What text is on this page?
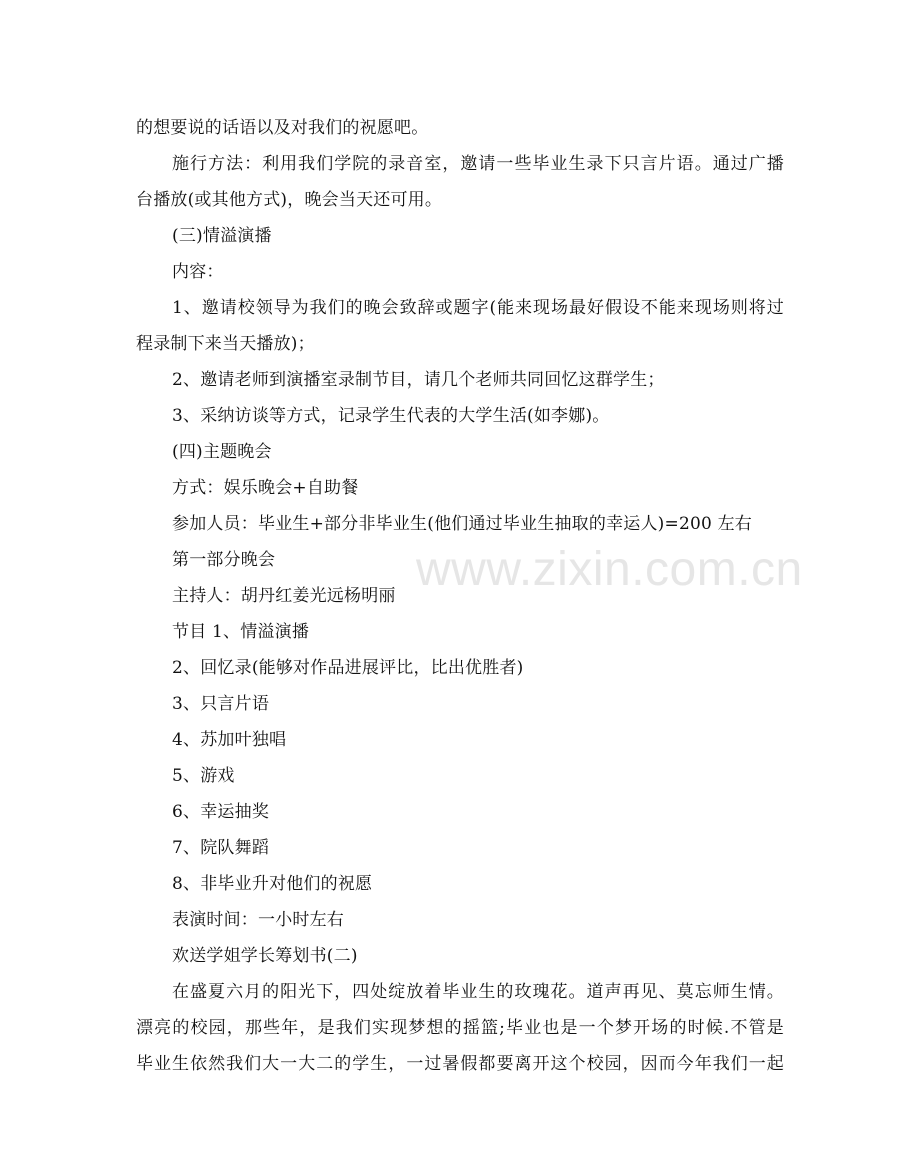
的想要说的话语以及对我们的祝愿吧。
施行方法：利用我们学院的录音室，邀请一些毕业生录下只言片语。通过广播
台播放(或其他方式)，晚会当天还可用。
(三)情溢演播
内容：
1、邀请校领导为我们的晚会致辞或题字(能来现场最好假设不能来现场则将过
程录制下来当天播放)；
2、邀请老师到演播室录制节目，请几个老师共同回忆这群学生；
3、采纳访谈等方式，记录学生代表的大学生活(如李娜)。
(四)主题晚会
方式：娱乐晚会+自助餐
参加人员：毕业生+部分非毕业生(他们通过毕业生抽取的幸运人)=200 左右
第一部分晚会
主持人：胡丹红姜光远杨明丽
节目 1、情溢演播
2、回忆录(能够对作品进展评比，比出优胜者)
3、只言片语
4、苏加叶独唱
5、游戏
6、幸运抽奖
7、院队舞蹈
8、非毕业升对他们的祝愿
表演时间：一小时左右
欢送学姐学长筹划书(二)
在盛夏六月的阳光下，四处绽放着毕业生的玫瑰花。道声再见、莫忘师生情。
漂亮的校园，那些年，是我们实现梦想的摇篮;毕业也是一个梦开场的时候.不管是
毕业生依然我们大一大二的学生，一过暑假都要离开这个校园，因而今年我们一起
www.zixin.com.cn
